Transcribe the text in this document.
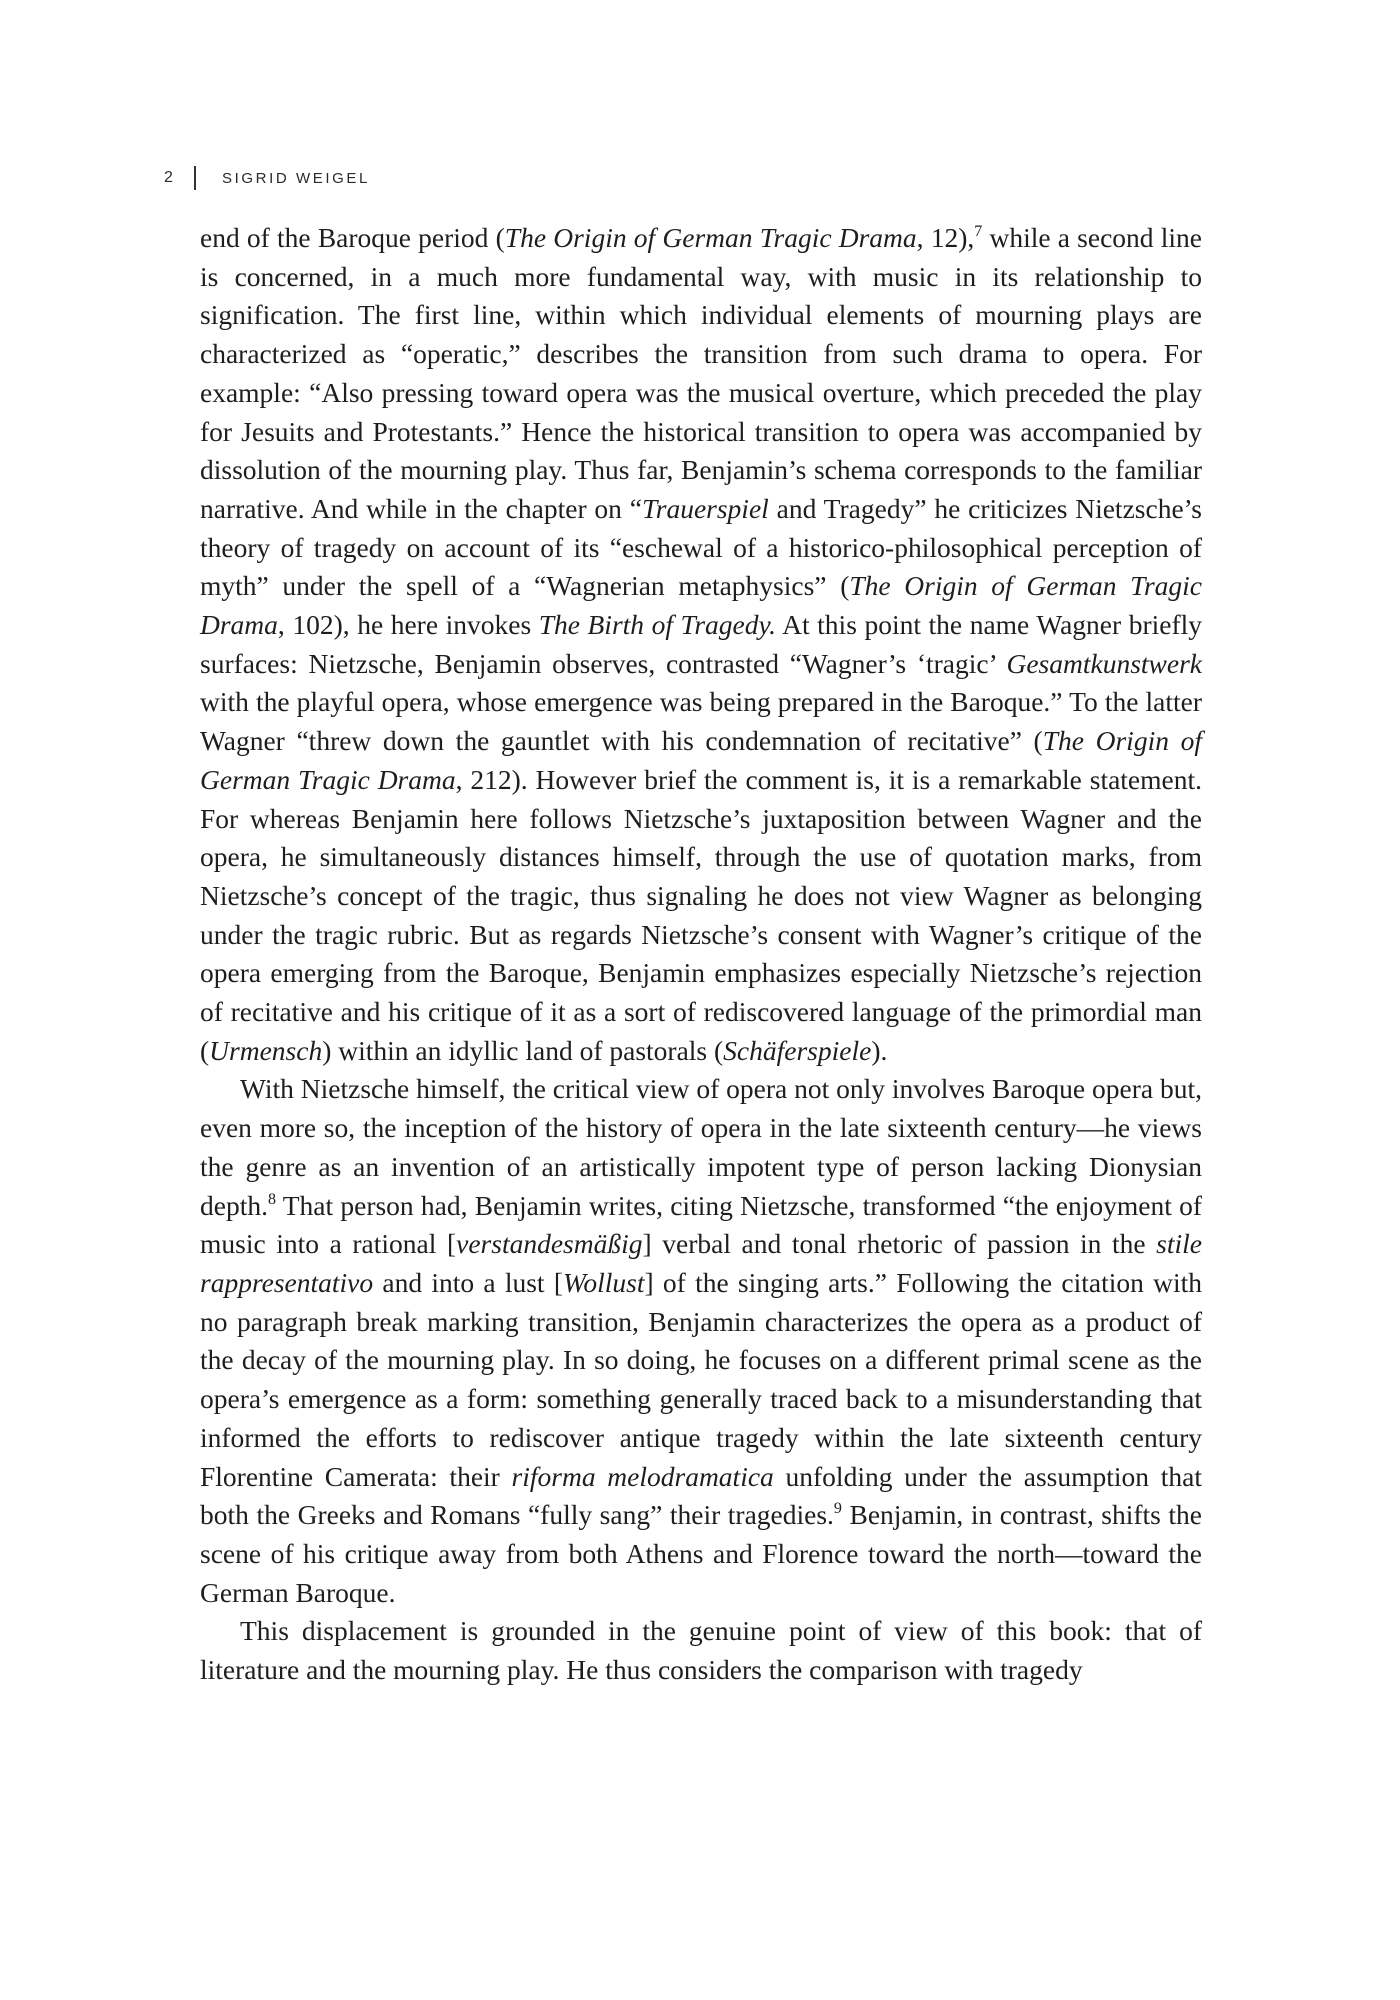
2	SIGRID WEIGEL

end of the Baroque period (The Origin of German Tragic Drama, 12),$^7$ while a second line is concerned, in a much more fundamental way, with music in its relationship to signification. The first line, within which individual elements of mourning plays are characterized as “operatic,” describes the transition from such drama to opera. For example: “Also pressing toward opera was the musical overture, which preceded the play for Jesuits and Protestants.” Hence the historical transition to opera was accompanied by dissolution of the mourning play. Thus far, Benjamin’s schema corresponds to the familiar narrative. And while in the chapter on “Trauerspiel and Tragedy” he criticizes Nietzsche’s theory of tragedy on account of its “eschewal of a historico-philosophical perception of myth” under the spell of a “Wagnerian metaphysics” (The Origin of German Tragic Drama, 102), he here invokes The Birth of Tragedy. At this point the name Wagner briefly surfaces: Nietzsche, Benjamin observes, contrasted “Wagner’s ‘tragic’ Gesamtkunstwerk with the playful opera, whose emergence was being prepared in the Baroque.” To the latter Wagner “threw down the gauntlet with his condemnation of recitative” (The Origin of German Tragic Drama, 212). However brief the comment is, it is a remarkable statement. For whereas Benjamin here follows Nietzsche’s juxtaposition between Wagner and the opera, he simultaneously distances himself, through the use of quotation marks, from Nietzsche’s concept of the tragic, thus signaling he does not view Wagner as belonging under the tragic rubric. But as regards Nietzsche’s consent with Wagner’s critique of the opera emerging from the Baroque, Benjamin emphasizes especially Nietzsche’s rejection of recitative and his critique of it as a sort of rediscovered language of the primordial man (Urmensch) within an idyllic land of pastorals (Schäferspiele).

With Nietzsche himself, the critical view of opera not only involves Baroque opera but, even more so, the inception of the history of opera in the late sixteenth century—he views the genre as an invention of an artistically impotent type of person lacking Dionysian depth.$^8$ That person had, Benjamin writes, citing Nietzsche, transformed “the enjoyment of music into a rational [verstandesmäßig] verbal and tonal rhetoric of passion in the stile rappresentativo and into a lust [Wollust] of the singing arts.” Following the citation with no paragraph break marking transition, Benjamin characterizes the opera as a product of the decay of the mourning play. In so doing, he focuses on a different primal scene as the opera’s emergence as a form: something generally traced back to a misunderstanding that informed the efforts to rediscover antique tragedy within the late sixteenth century Florentine Camerata: their riforma melodramatica unfolding under the assumption that both the Greeks and Romans “fully sang” their tragedies.$^9$ Benjamin, in contrast, shifts the scene of his critique away from both Athens and Florence toward the north—toward the German Baroque.

This displacement is grounded in the genuine point of view of this book: that of literature and the mourning play. He thus considers the comparison with tragedy
